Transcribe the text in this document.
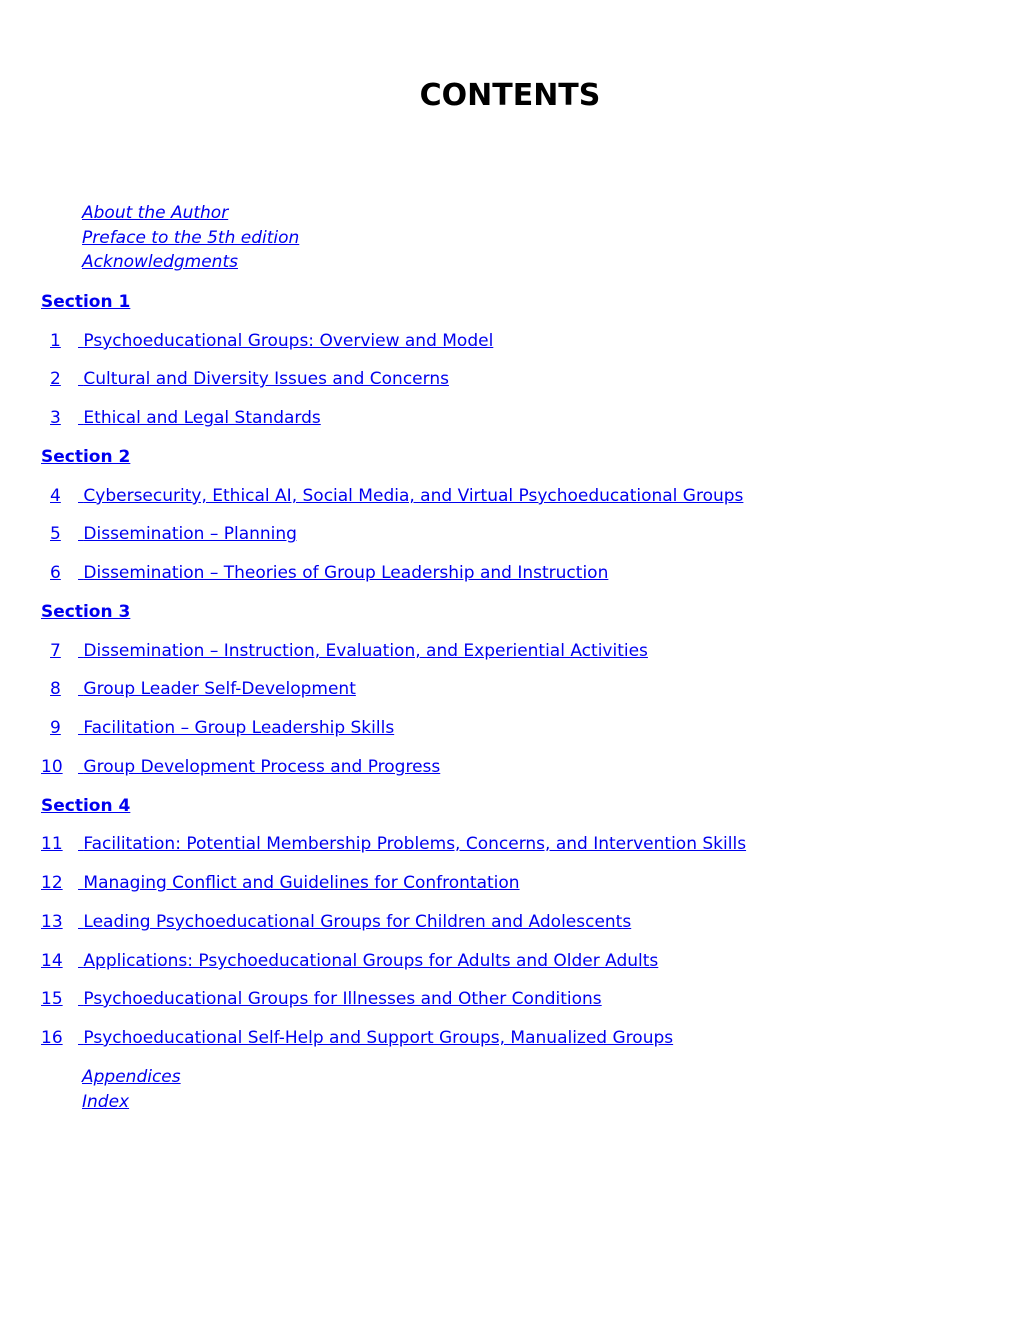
CONTENTS
About the Author
Preface to the 5th edition
Acknowledgments
Section 1
1 Psychoeducational Groups: Overview and Model
2 Cultural and Diversity Issues and Concerns
3 Ethical and Legal Standards
Section 2
4 Cybersecurity, Ethical AI, Social Media, and Virtual Psychoeducational Groups
5 Dissemination – Planning
6 Dissemination – Theories of Group Leadership and Instruction
Section 3
7 Dissemination – Instruction, Evaluation, and Experiential Activities
8 Group Leader Self-Development
9 Facilitation – Group Leadership Skills
10 Group Development Process and Progress
Section 4
11 Facilitation: Potential Membership Problems, Concerns, and Intervention Skills
12 Managing Conflict and Guidelines for Confrontation
13 Leading Psychoeducational Groups for Children and Adolescents
14 Applications: Psychoeducational Groups for Adults and Older Adults
15 Psychoeducational Groups for Illnesses and Other Conditions
16 Psychoeducational Self-Help and Support Groups, Manualized Groups
Appendices
Index
